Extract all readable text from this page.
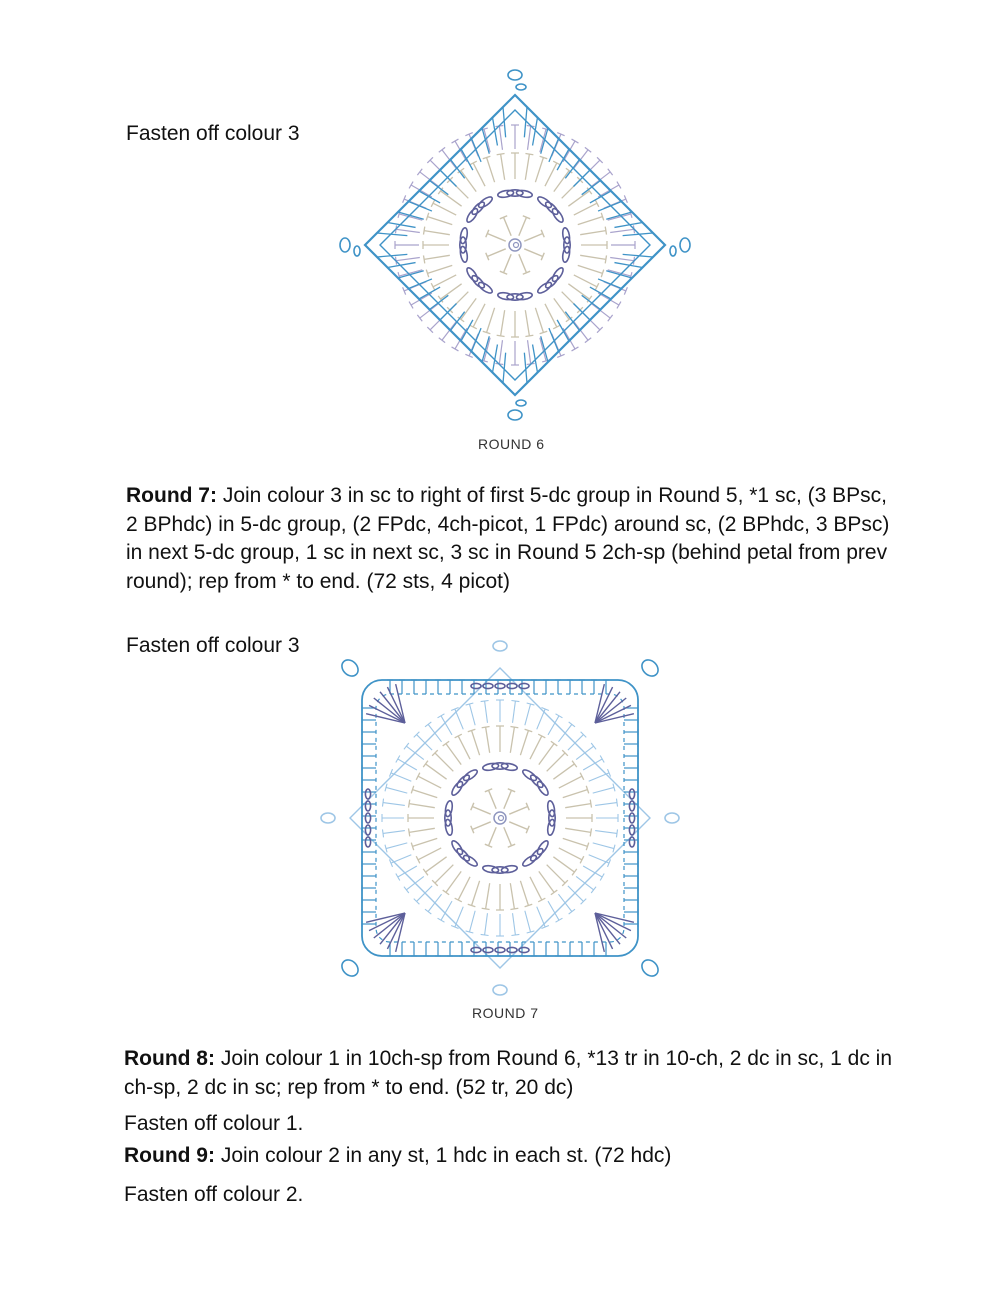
Fasten off colour 3
ROUND 6
Round 7: Join colour 3 in sc to right of first 5-dc group in Round 5, *1 sc, (3 BPsc, 2 BPhdc) in 5-dc group, (2 FPdc, 4ch-picot, 1 FPdc) around sc, (2 BPhdc, 3 BPsc) in next 5-dc group, 1 sc in next sc, 3 sc in Round 5 2ch-sp (behind petal from prev round); rep from * to end. (72 sts, 4 picot)
Fasten off colour 3
ROUND 7
Round 8: Join colour 1 in 10ch-sp from Round 6, *13 tr in 10-ch, 2 dc in sc, 1 dc in ch-sp, 2 dc in sc; rep from * to end. (52 tr, 20 dc)
Fasten off colour 1.
Round 9: Join colour 2 in any st, 1 hdc in each st. (72 hdc)
Fasten off colour 2.
